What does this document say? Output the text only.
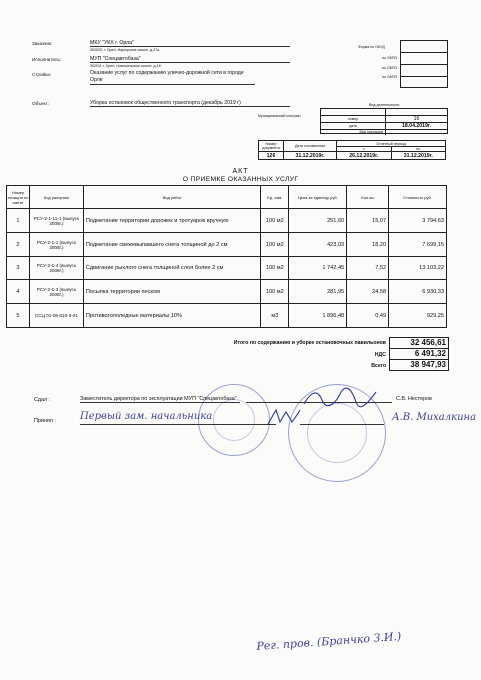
Заказчик:	МКУ "УКХ г. Орла"
302020, г. Орел, Наугорское шоссе, д.27а
Исполнитель:	МУП "Спецавтобаза"
302011 г. Орел, Новосильское шоссе, д.18
Стройка:	Оказание услуг по содержанию улично-дорожной сети в городе Орле
Объект:	Уборка остановок общественного транспорта (декабрь 2019 г)
Форма по ОКУД
по ОКПО
по ОКПО
по ОКПО
Вид деятельности
Муниципальный контракт
номер	16
дата	18.04.2019г.
Вид операции
Номер документа	Дата составления	Отчетный период	
		с	по
126	31.12.2019г.	26.12.2019г.	31.12.2019г.
АКТ
О ПРИЕМКЕ ОКАЗАННЫХ УСЛУГ
Номер позиции по смете	Код расценки	Вид работ	Ед. изм.	Цена за единицу руб.	Кол-во	Стоимость руб.
1	РСУ-2-1-11-1 (выпуск 2008г.)	Подметание территории дорожек и тротуаров вручную	100 м2	251,60	15,07	3 794,63
2	РСУ-2-1-1 (выпуск 2008г.)	Подметание свежевыпавшего снега толщиной до 2 см	100 м2	423,03	18,20	7 699,15
3	РСУ-2-1-4 (выпуск 2008г.)	Сдвигание рыхлого снега толщиной слоя более 2 см	100 м2	1 742,45	7,52	13 103,22
4	РСУ-2-1-3 (выпуск 2008г.)	Посыпка территории песком	100 м2	281,95	24,58	6 930,33
5	ССЦ 01-05-010-3-01	Противогололедные материалы 10%	м3	1 896,48	0,49	929,25
Итого по содержанию и уборке остановочных павильонов	32 456,61
НДС	6 491,32
Всего	38 947,93
Сдал :	Заместитель директора по эксплуатации МУП "Спецавтобаза"	С.В. Нестеров
Принял : Первый зам. начальника	А.В. Михалкина
Рег. пров. (Бранчко З.И.)
